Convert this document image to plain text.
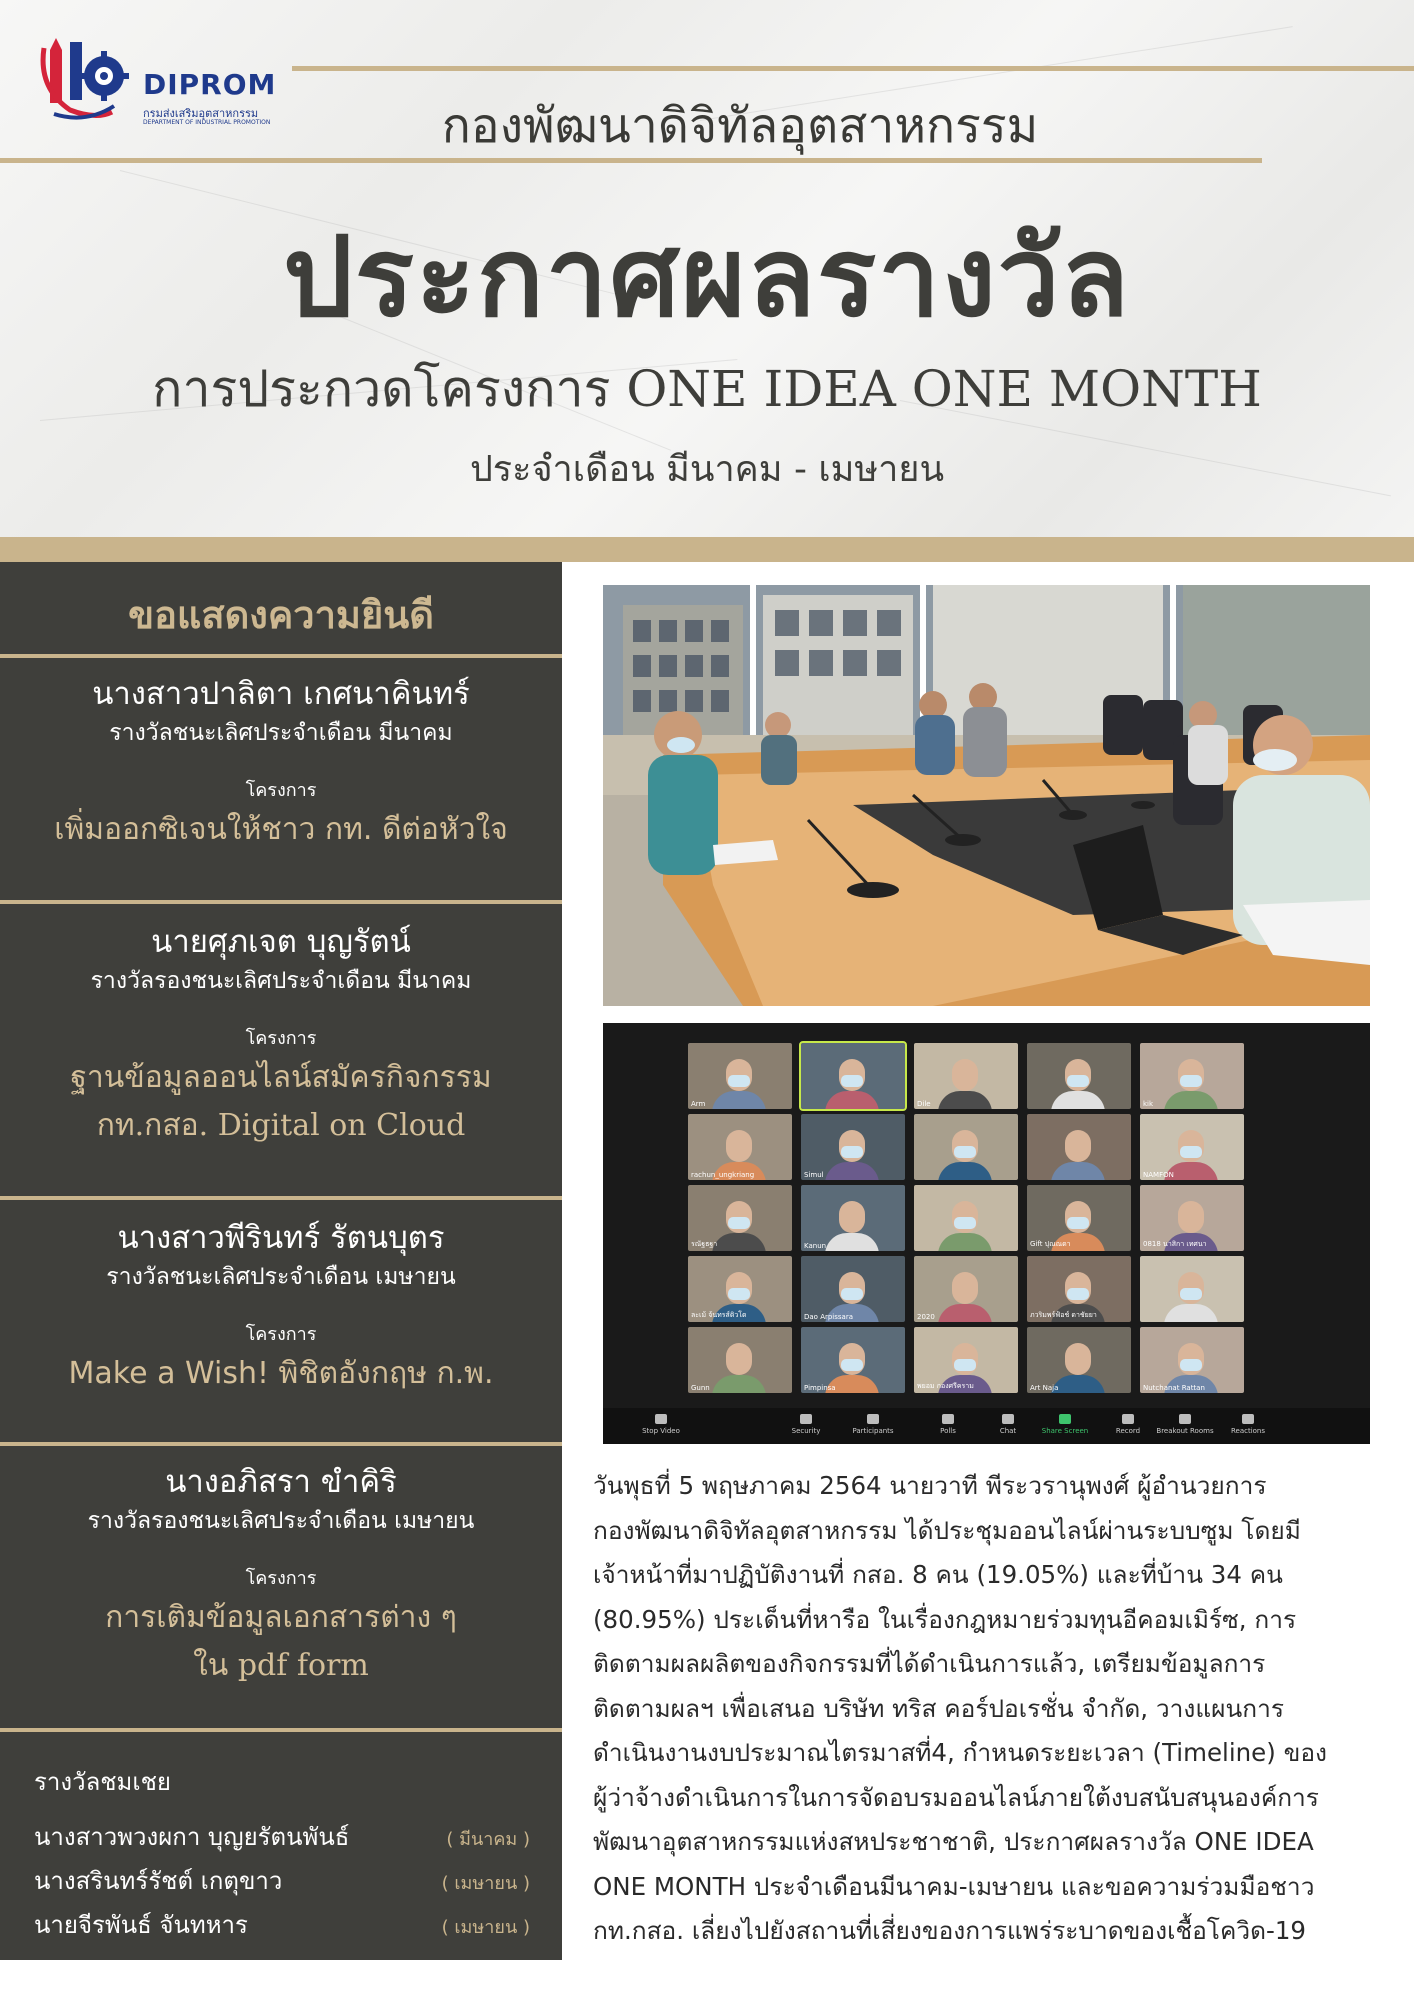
DIPROM
กรมส่งเสริมอุตสาหกรรม
DEPARTMENT OF INDUSTRIAL PROMOTION	กองพัฒนาดิจิทัลอุตสาหกรรม
ประกาศผลรางวัล
การประกวดโครงการ ONE IDEA ONE MONTH
ประจำเดือน มีนาคม - เมษายน
ขอแสดงความยินดี
นางสาวปาลิตา เกศนาคินทร์
รางวัลชนะเลิศประจำเดือน มีนาคม
โครงการ
เพิ่มออกซิเจนให้ชาว กท. ดีต่อหัวใจ
นายศุภเจต บุญรัตน์
รางวัลรองชนะเลิศประจำเดือน มีนาคม
โครงการ
ฐานข้อมูลออนไลน์สมัครกิจกรรม
กท.กสอ. Digital on Cloud
นางสาวพีรินทร์ รัตนบุตร
รางวัลชนะเลิศประจำเดือน เมษายน
โครงการ
Make a Wish! พิชิตอังกฤษ ก.พ.
นางอภิสรา ขำคิริ
รางวัลรองชนะเลิศประจำเดือน เมษายน
โครงการ
การเติมข้อมูลเอกสารต่าง ๆ
ใน pdf form
รางวัลชมเชย
นางสาวพวงผกา บุญยรัตนพันธ์	( มีนาคม )
นางสรินทร์รัชต์ เกตุขาว	( เมษายน )
นายจีรพันธ์ จันทหาร	( เมษายน )
Arm	Dile	kik
rachun_ungkriang	Simul	NAMFON
รณัฐธฐา	Kanun	Gift ปุณณดา	0818 นาสิกา เทศนา
ละเม้ จ้นทรส์ดิวโด	Dao Arpissara	2020	ภวริมพร์ฟ้อช์ ดาชัยยา
Gunn	Pimpinsa	พยอม กองศรีคราม	Art Naja	Nutchanat Rattan
Stop Video	Security	Participants	Polls	Chat	Share Screen	Record	Breakout Rooms	Reactions
วันพุธที่ 5 พฤษภาคม 2564 นายวาที พีระวรานุพงศ์ ผู้อำนวยการ
กองพัฒนาดิจิทัลอุตสาหกรรม ได้ประชุมออนไลน์ผ่านระบบซูม โดยมี
เจ้าหน้าที่มาปฏิบัติงานที่ กสอ. 8 คน (19.05%) และที่บ้าน 34 คน
(80.95%) ประเด็นที่หารือ ในเรื่องกฎหมายร่วมทุนอีคอมเมิร์ซ, การ
ติดตามผลผลิตของกิจกรรมที่ได้ดำเนินการแล้ว, เตรียมข้อมูลการ
ติดตามผลฯ เพื่อเสนอ บริษัท ทริส คอร์ปอเรชั่น จำกัด, วางแผนการ
ดำเนินงานงบประมาณไตรมาสที่4, กำหนดระยะเวลา (Timeline) ของ
ผู้ว่าจ้างดำเนินการในการจัดอบรมออนไลน์ภายใต้งบสนับสนุนองค์การ
พัฒนาอุตสาหกรรมแห่งสหประชาชาติ, ประกาศผลรางวัล ONE IDEA
ONE MONTH ประจำเดือนมีนาคม-เมษายน และขอความร่วมมือชาว
กท.กสอ. เลี่ยงไปยังสถานที่เสี่ยงของการแพร่ระบาดของเชื้อโควิด-19
